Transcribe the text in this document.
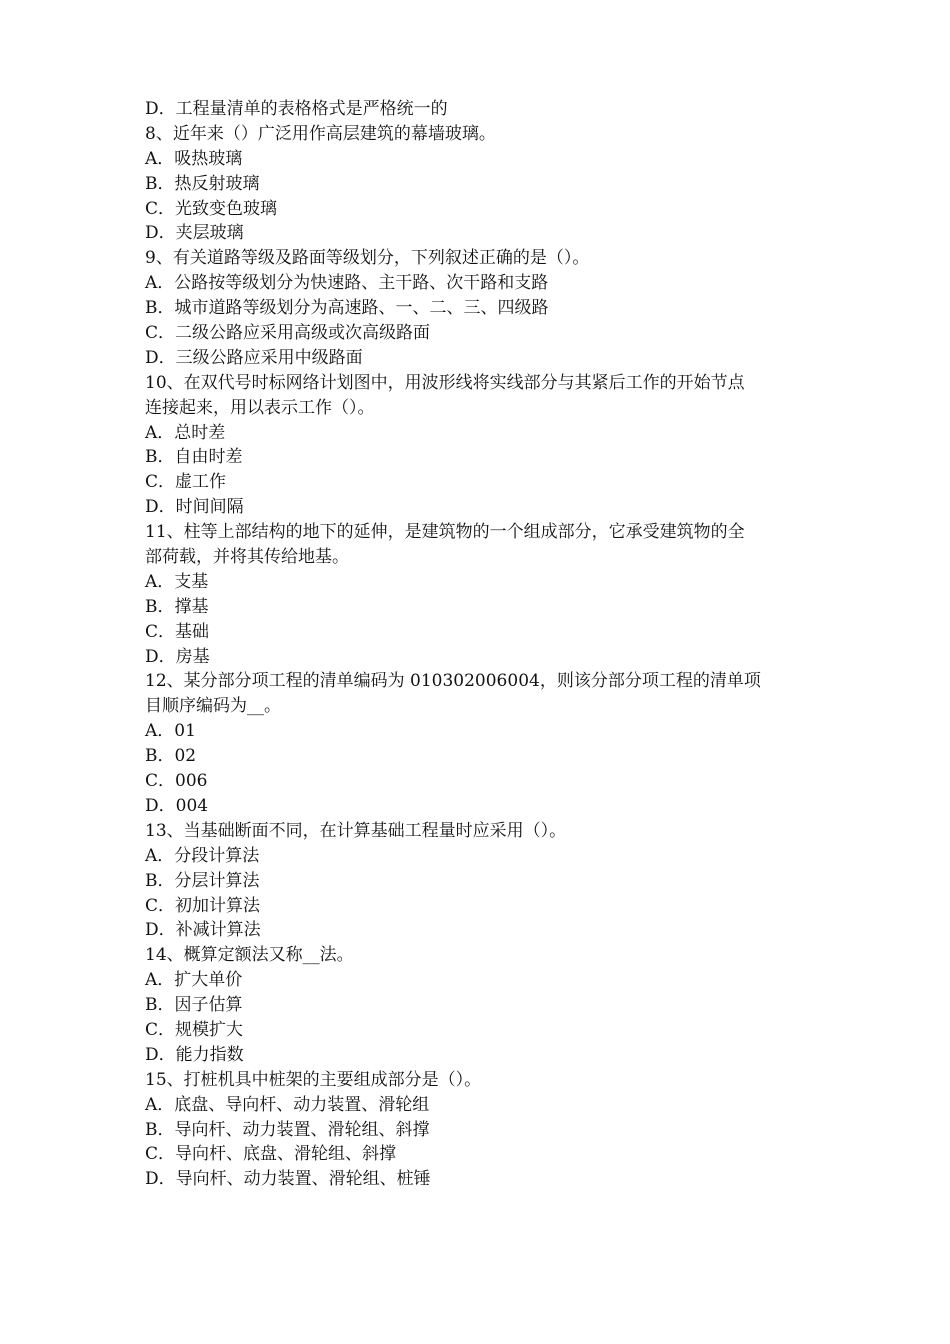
D．工程量清单的表格格式是严格统一的

8、近年来（）广泛用作高层建筑的幕墙玻璃。

A．吸热玻璃

B．热反射玻璃

C．光致变色玻璃

D．夹层玻璃

9、有关道路等级及路面等级划分，下列叙述正确的是（）。

A．公路按等级划分为快速路、主干路、次干路和支路

B．城市道路等级划分为高速路、一、二、三、四级路

C．二级公路应采用高级或次高级路面

D．三级公路应采用中级路面

10、在双代号时标网络计划图中，用波形线将实线部分与其紧后工作的开始节点

连接起来，用以表示工作（）。

A．总时差

B．自由时差

C．虚工作

D．时间间隔

11、柱等上部结构的地下的延伸，是建筑物的一个组成部分，它承受建筑物的全

部荷载，并将其传给地基。

A．支基

B．撑基

C．基础

D．房基

12、某分部分项工程的清单编码为 010302006004，则该分部分项工程的清单项

目顺序编码为__。

A．01

B．02

C．006

D．004

13、当基础断面不同，在计算基础工程量时应采用（）。

A．分段计算法

B．分层计算法

C．初加计算法

D．补减计算法

14、概算定额法又称__法。

A．扩大单价

B．因子估算

C．规模扩大

D．能力指数

15、打桩机具中桩架的主要组成部分是（）。

A．底盘、导向杆、动力装置、滑轮组

B．导向杆、动力装置、滑轮组、斜撑

C．导向杆、底盘、滑轮组、斜撑

D．导向杆、动力装置、滑轮组、桩锤
